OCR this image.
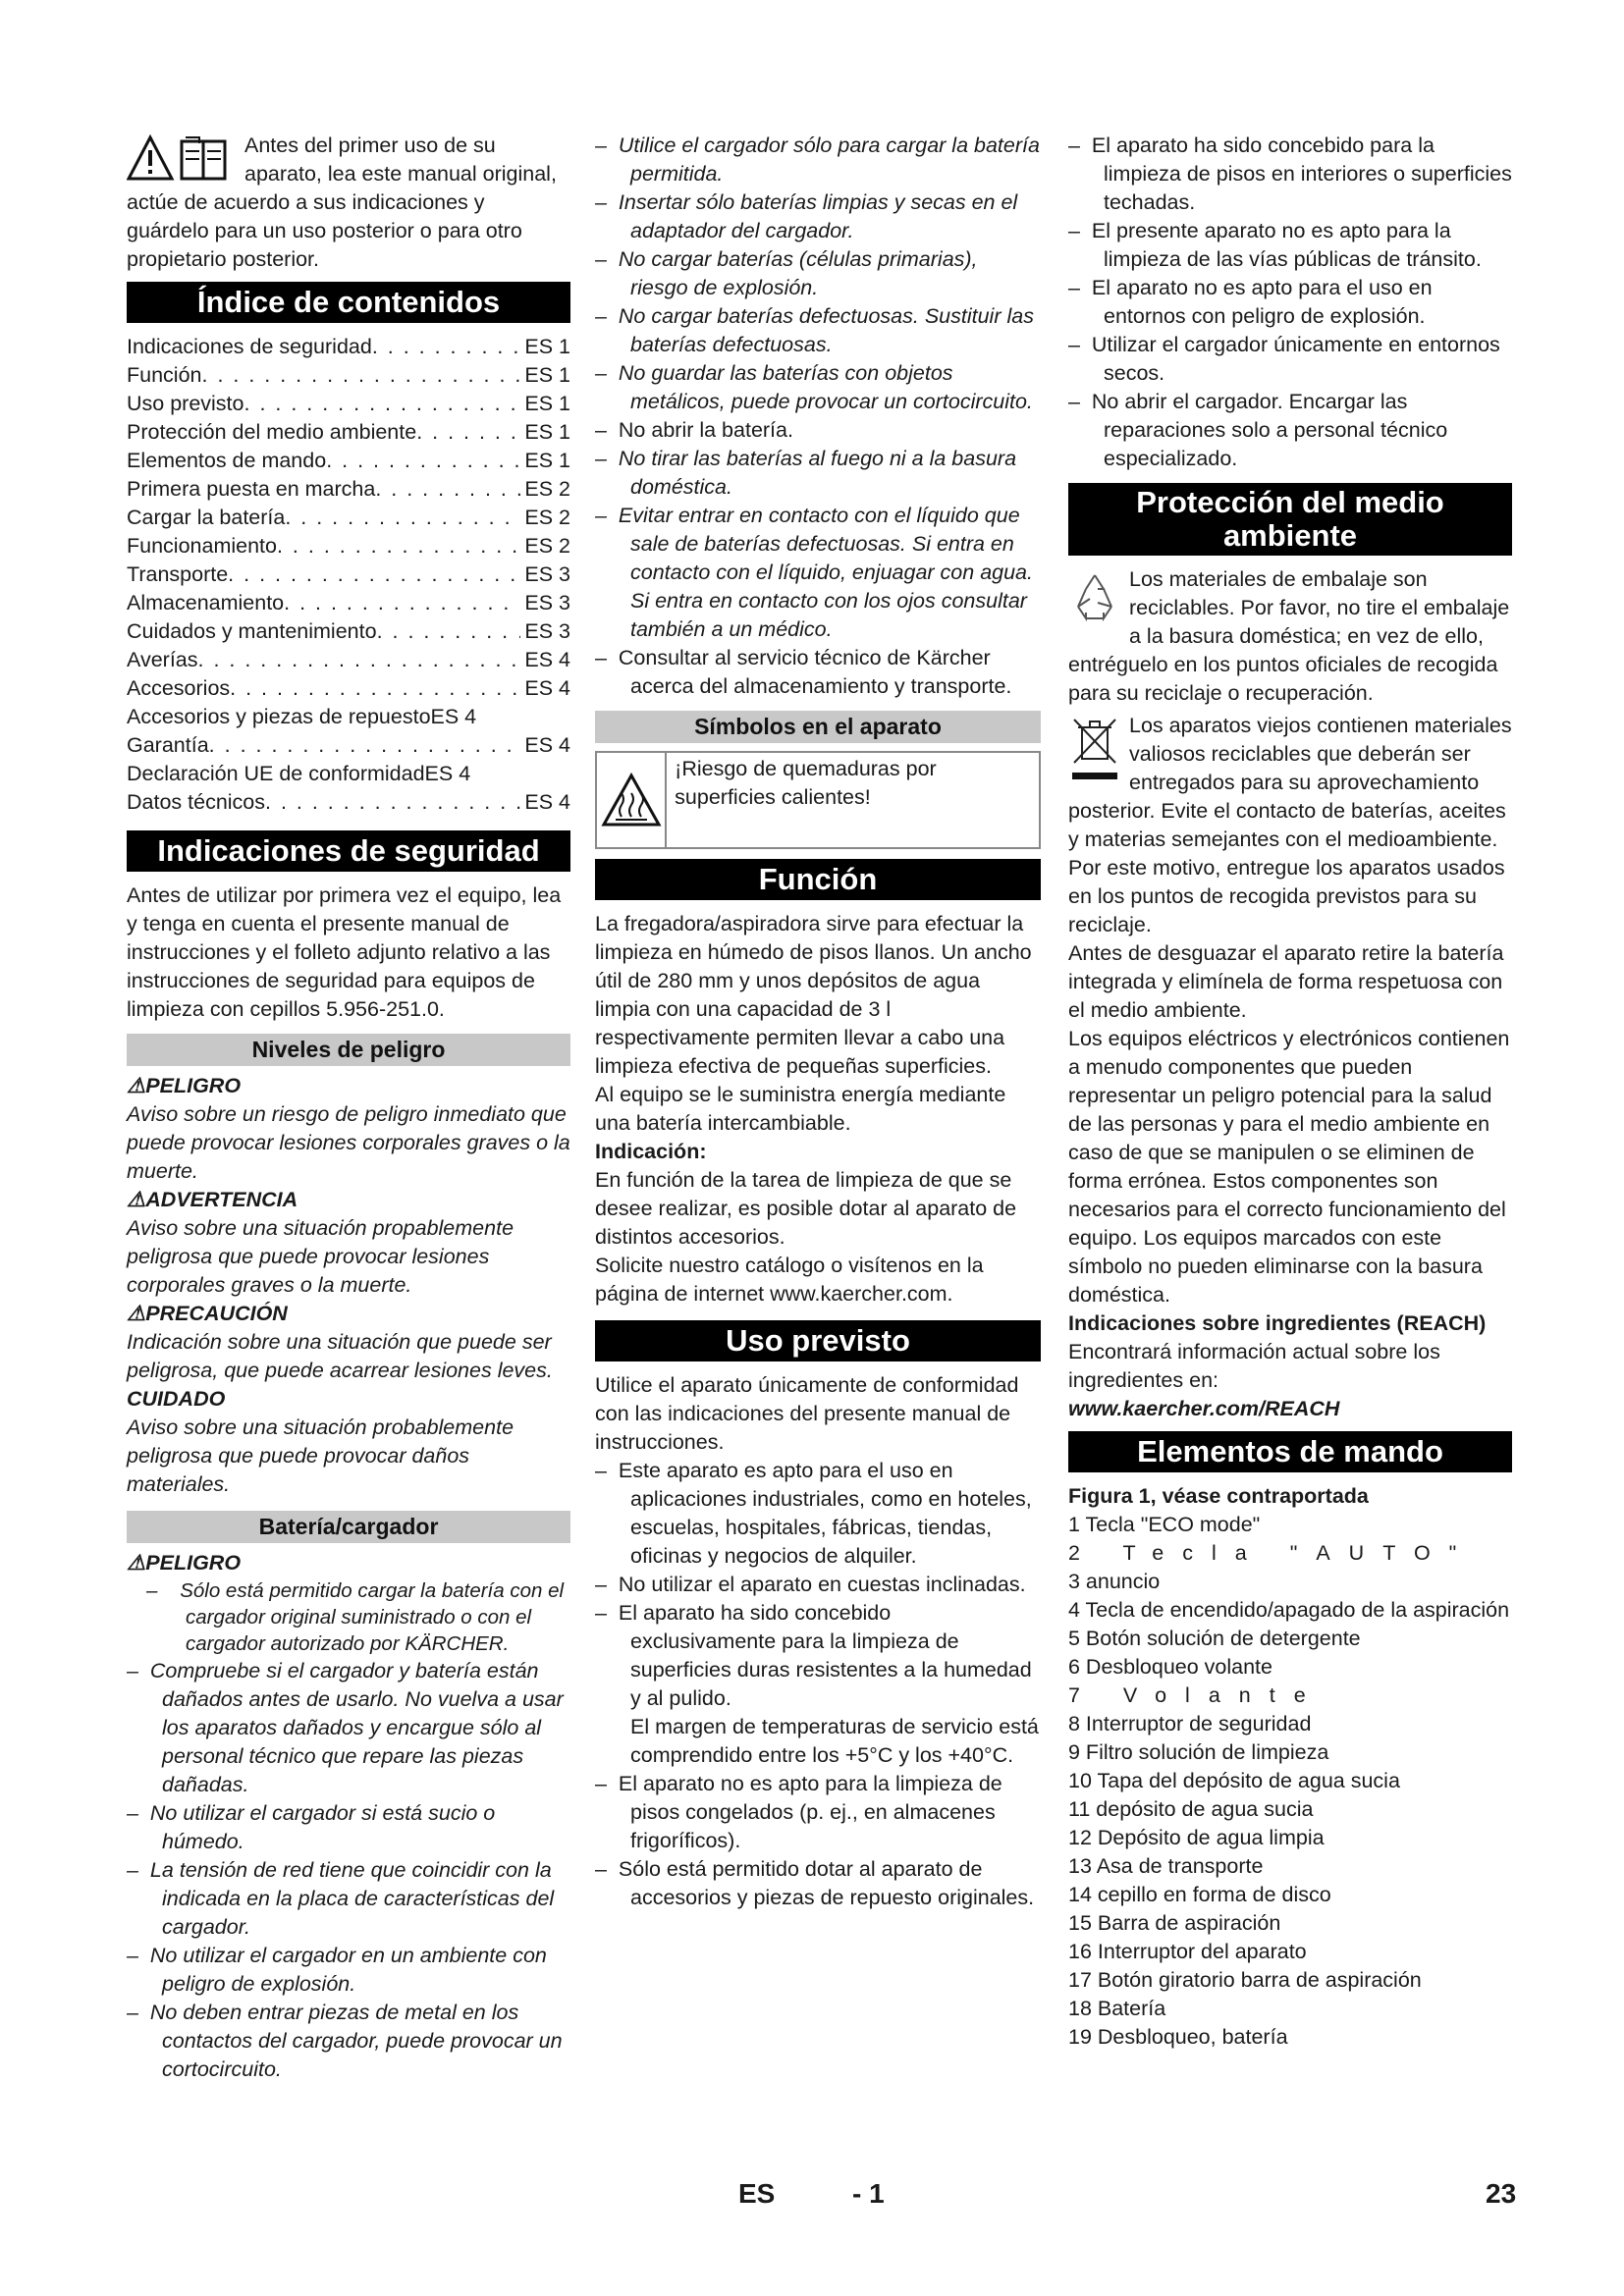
Antes del primer uso de su aparato, lea este manual original, actúe de acuerdo a sus indicaciones y guárdelo para un uso posterior o para otro propietario posterior.

Índice de contenidos
Indicaciones de seguridad . . .	ES 1
Función . . .	ES 1
Uso previsto . . .	ES 1
Protección del medio ambiente . . .	ES 1
Elementos de mando . . .	ES 1
Primera puesta en marcha . . .	ES 2
Cargar la batería . . .	ES 2
Funcionamiento . . .	ES 2
Transporte . . .	ES 3
Almacenamiento . . .	ES 3
Cuidados y mantenimiento . . .	ES 3
Averías . . .	ES 4
Accesorios . . .	ES 4
Accesorios y piezas de repuesto ES 4
Garantía . . .	ES 4
Declaración UE de conformidad ES 4
Datos técnicos . . .	ES 4
Indicaciones de seguridad

Antes de utilizar por primera vez el equipo, lea y tenga en cuenta el presente manual de instrucciones y el folleto adjunto relativo a las instrucciones de seguridad para equipos de limpieza con cepillos 5.956-251.0.

Niveles de peligro

⚠PELIGRO

Aviso sobre un riesgo de peligro inmediato que puede provocar lesiones corporales graves o la muerte.

⚠ADVERTENCIA

Aviso sobre una situación propablemente peligrosa que puede provocar lesiones corporales graves o la muerte.

⚠PRECAUCIÓN

Indicación sobre una situación que puede ser peligrosa, que puede acarrear lesiones leves.

CUIDADO

Aviso sobre una situación probablemente peligrosa que puede provocar daños materiales.

Batería/cargador

⚠PELIGRO

–    Sólo está permitido cargar la batería con el cargador original suministrado o con el cargador autorizado por KÄRCHER.

–  Compruebe si el cargador y batería están dañados antes de usarlo. No vuelva a usar los aparatos dañados y encargue sólo al personal técnico que repare las piezas dañadas.

–  No utilizar el cargador si está sucio o húmedo.

–  La tensión de red tiene que coincidir con la indicada en la placa de características del cargador.

–  No utilizar el cargador en un ambiente con peligro de explosión.

–  No deben entrar piezas de metal en los contactos del cargador, puede provocar un cortocircuito.

–  Utilice el cargador sólo para cargar la batería permitida.

–  Insertar sólo baterías limpias y secas en el adaptador del cargador.

–  No cargar baterías (células primarias), riesgo de explosión.

–  No cargar baterías defectuosas. Sustituir las baterías defectuosas.

–  No guardar las baterías con objetos metálicos, puede provocar un cortocircuito.

–  No abrir la batería.

–  No tirar las baterías al fuego ni a la basura doméstica.

–  Evitar entrar en contacto con el líquido que sale de baterías defectuosas. Si entra en contacto con el líquido, enjuagar con agua. Si entra en contacto con los ojos consultar también a un médico.

–  Consultar al servicio técnico de Kärcher acerca del almacenamiento y transporte.

Símbolos en el aparato
¡Riesgo de quemaduras por superficies calientes!
Función

La fregadora/aspiradora sirve para efectuar la limpieza en húmedo de pisos llanos. Un ancho útil de 280 mm y unos depósitos de agua limpia con una capacidad de 3 l respectivamente permiten llevar a cabo una limpieza efectiva de pequeñas superficies.

Al equipo se le suministra energía mediante una batería intercambiable.

Indicación:

En función de la tarea de limpieza de que se desee realizar, es posible dotar al aparato de distintos accesorios.

Solicite nuestro catálogo o visítenos en la página de internet www.kaercher.com.

Uso previsto

Utilice el aparato únicamente de conformidad con las indicaciones del presente manual de instrucciones.

–  Este aparato es apto para el uso en aplicaciones industriales, como en hoteles, escuelas, hospitales, fábricas, tiendas, oficinas y negocios de alquiler.

–  No utilizar el aparato en cuestas inclinadas.

–  El aparato ha sido concebido exclusivamente para la limpieza de superficies duras resistentes a la humedad y al pulido.

El margen de temperaturas de servicio está comprendido entre los +5°C y los +40°C.

–  El aparato no es apto para la limpieza de pisos congelados (p. ej., en almacenes frigoríficos).

–  Sólo está permitido dotar al aparato de accesorios y piezas de repuesto originales.

–  El aparato ha sido concebido para la limpieza de pisos en interiores o superficies techadas.

–  El presente aparato no es apto para la limpieza de las vías públicas de tránsito.

–  El aparato no es apto para el uso en entornos con peligro de explosión.

–  Utilizar el cargador únicamente en entornos secos.

–  No abrir el cargador. Encargar las reparaciones solo a personal técnico especializado.

Protección del medio
ambiente

Los materiales de embalaje son reciclables. Por favor, no tire el embalaje a la basura doméstica; en vez de ello, entréguelo en los puntos oficiales de recogida para su reciclaje o recuperación.

Los aparatos viejos contienen materiales valiosos reciclables que deberán ser entregados para su aprovechamiento posterior. Evite el contacto de baterías, aceites y materias semejantes con el medioambiente. Por este motivo, entregue los aparatos usados en los puntos de recogida previstos para su reciclaje.

Antes de desguazar el aparato retire la batería integrada y elimínela de forma respetuosa con el medio ambiente.

Los equipos eléctricos y electrónicos contienen a menudo componentes que pueden representar un peligro potencial para la salud de las personas y para el medio ambiente en caso de que se manipulen o se eliminen de forma errónea. Estos componentes son necesarios para el correcto funcionamiento del equipo. Los equipos marcados con este símbolo no pueden eliminarse con la basura doméstica.

Indicaciones sobre ingredientes (REACH)

Encontrará información actual sobre los ingredientes en:

www.kaercher.com/REACH

Elementos de mando

Figura 1, véase contraportada

1 Tecla "ECO mode"

2 Tecla "AUTO"

3 anuncio

4 Tecla de encendido/apagado de la aspiración

5 Botón solución de detergente

6 Desbloqueo volante

7 Volante

8 Interruptor de seguridad

9 Filtro solución de limpieza

10 Tapa del depósito de agua sucia

11 depósito de agua sucia

12 Depósito de agua limpia

13 Asa de transporte

14 cepillo en forma de disco

15 Barra de aspiración

16 Interruptor del aparato

17 Botón giratorio barra de aspiración

18 Batería

19 Desbloqueo, batería

ES	- 1	23
